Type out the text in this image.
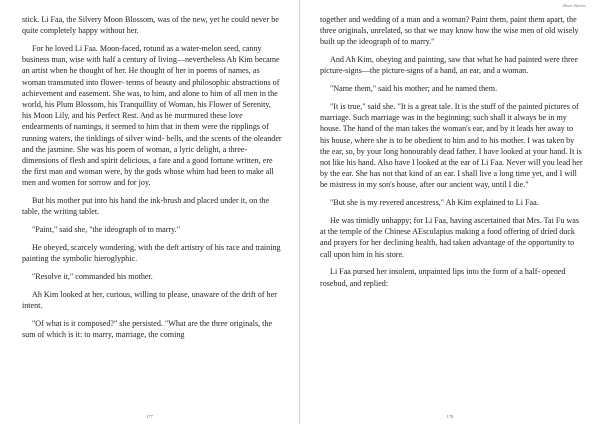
stick. Li Faa, the Silvery Moon Blossom, was of the new, yet he could never be quite completely happy without her.

For he loved Li Faa. Moon-faced, rotund as a water-melon seed, canny business man, wise with half a century of living—nevertheless Ah Kim became an artist when he thought of her. He thought of her in poems of names, as woman transmuted into flower- terms of beauty and philosophic abstractions of achievement and easement. She was, to him, and alone to him of all men in the world, his Plum Blossom, his Tranquillity of Woman, his Flower of Serenity, his Moon Lily, and his Perfect Rest. And as he murmured these love endearments of namings, it seemed to him that in them were the ripplings of running waters, the tinklings of silver wind- bells, and the scents of the oleander and the jasmine. She was his poem of woman, a lyric delight, a three-dimensions of flesh and spirit delicious, a fate and a good fortune written, ere the first man and woman were, by the gods whose whim had been to make all men and women for sorrow and for joy.

But his mother put into his hand the ink-brush and placed under it, on the table, the writing tablet.

"Paint," said she, "the ideograph of to marry."

He obeyed, scarcely wondering, with the deft artistry of his race and training painting the symbolic hieroglyphic.

"Resolve it," commanded his mother.

Ah Kim looked at her, curious, willing to please, unaware of the drift of her intent.

"Of what is it composed?" she persisted. "What are the three originals, the sum of which is it: to marry, marriage, the coming

177
Short Stories

together and wedding of a man and a woman? Paint them, paint them apart, the three originals, unrelated, so that we may know how the wise men of old wisely built up the ideograph of to marry."

And Ah Kim, obeying and painting, saw that what he had painted were three picture-signs—the picture-signs of a hand, an ear, and a woman.

"Name them," said his mother; and he named them.

"It is true," said she. "It is a great tale. It is the stuff of the painted pictures of marriage. Such marriage was in the beginning; such shall it always be in my house. The hand of the man takes the woman's ear, and by it leads her away to his house, where she is to be obedient to him and to his mother. I was taken by the ear, so, by your long honourably dead father. I have looked at your hand. It is not like his hand. Also have I looked at the ear of Li Faa. Never will you lead her by the ear. She has not that kind of an ear. I shall live a long time yet, and I will be mistress in my son's house, after our ancient way, until I die."

"But she is my revered ancestress," Ah Kim explained to Li Faa.

He was timidly unhappy; for Li Faa, having ascertained that Mrs. Tai Fu was at the temple of the Chinese AEsculapius making a food offering of dried duck and prayers for her declining health, had taken advantage of the opportunity to call upon him in his store.

Li Faa pursed her insolent, unpainted lips into the form of a half- opened rosebud, and replied:

178
